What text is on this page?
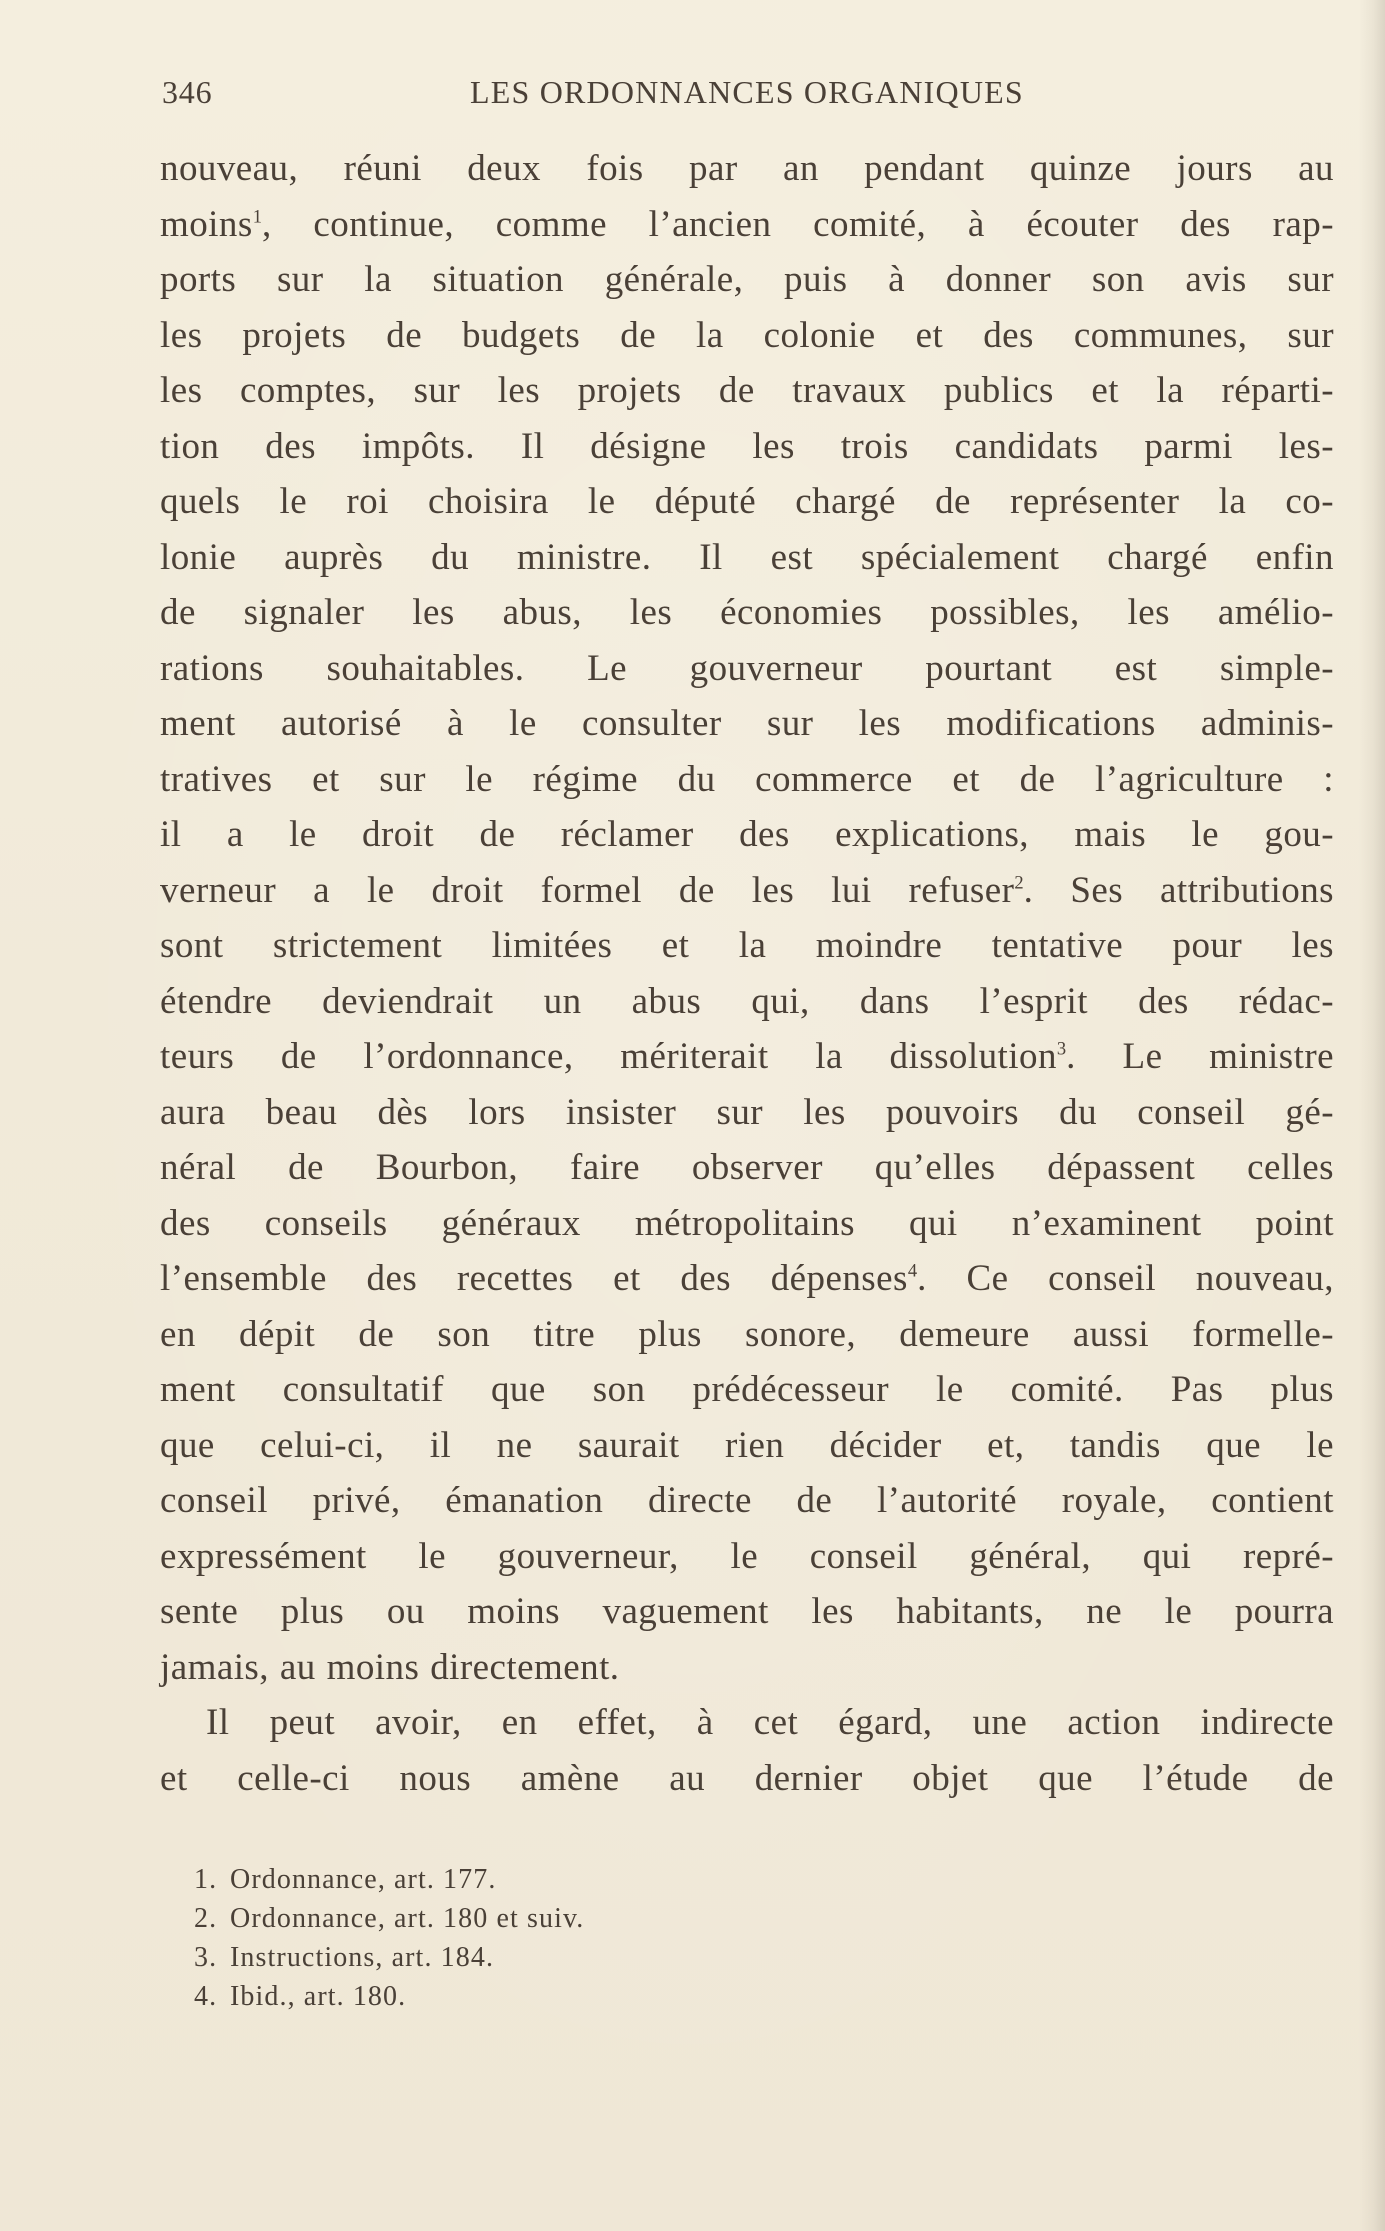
346	LES ORDONNANCES ORGANIQUES
nouveau, réuni deux fois par an pendant quinze jours au
moins$^1$, continue, comme l’ancien comité, à écouter des rap-
ports sur la situation générale, puis à donner son avis sur
les projets de budgets de la colonie et des communes, sur
les comptes, sur les projets de travaux publics et la réparti-
tion des impôts. Il désigne les trois candidats parmi les-
quels le roi choisira le député chargé de représenter la co-
lonie auprès du ministre. Il est spécialement chargé enfin
de signaler les abus, les économies possibles, les amélio-
rations souhaitables. Le gouverneur pourtant est simple-
ment autorisé à le consulter sur les modifications adminis-
tratives et sur le régime du commerce et de l’agriculture :
il a le droit de réclamer des explications, mais le gou-
verneur a le droit formel de les lui refuser$^2$. Ses attributions
sont strictement limitées et la moindre tentative pour les
étendre deviendrait un abus qui, dans l’esprit des rédac-
teurs de l’ordonnance, mériterait la dissolution$^3$. Le ministre
aura beau dès lors insister sur les pouvoirs du conseil gé-
néral de Bourbon, faire observer qu’elles dépassent celles
des conseils généraux métropolitains qui n’examinent point
l’ensemble des recettes et des dépenses$^4$. Ce conseil nouveau,
en dépit de son titre plus sonore, demeure aussi formelle-
ment consultatif que son prédécesseur le comité. Pas plus
que celui-ci, il ne saurait rien décider et, tandis que le
conseil privé, émanation directe de l’autorité royale, contient
expressément le gouverneur, le conseil général, qui repré-
sente plus ou moins vaguement les habitants, ne le pourra
jamais, au moins directement.
Il peut avoir, en effet, à cet égard, une action indirecte
et celle-ci nous amène au dernier objet que l’étude de
1. Ordonnance, art. 177.
2. Ordonnance, art. 180 et suiv.
3. Instructions, art. 184.
4. Ibid., art. 180.
